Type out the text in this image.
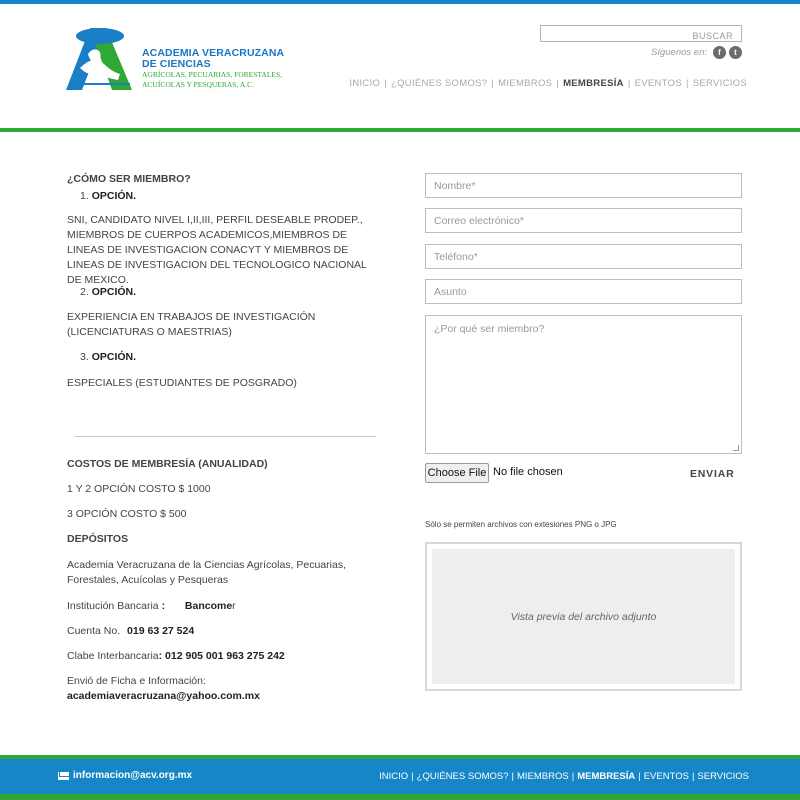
ACADEMIA VERACRUZANA
DE CIENCIAS
AGRÍCOLAS, PECUARIAS, FORESTALES,
ACUÍCOLAS Y PESQUERAS, A.C.
BUSCAR
Síguenos en:	f	t
INICIO | ¿QUIÉNES SOMOS? | MIEMBROS | MEMBRESÍA | EVENTOS | SERVICIOS
¿CÓMO SER MIEMBRO?
1. OPCIÓN.
SNI, CANDIDATO NIVEL I,II,III, PERFIL DESEABLE PRODEP., MIEMBROS DE CUERPOS ACADEMICOS,MIEMBROS DE LINEAS DE INVESTIGACION CONACYT Y MIEMBROS DE LINEAS DE INVESTIGACION DEL TECNOLOGICO NACIONAL DE MEXICO.
2. OPCIÓN.
EXPERIENCIA EN TRABAJOS DE INVESTIGACIÓN (LICENCIATURAS O MAESTRIAS)
3. OPCIÓN.
ESPECIALES (ESTUDIANTES DE POSGRADO)
COSTOS DE MEMBRESÍA (ANUALIDAD)
1 Y 2 OPCIÓN COSTO $ 1000
3 OPCIÓN COSTO $ 500
DEPÓSITOS
Academia Veracruzana de la Ciencias Agrícolas, Pecuarias,
Forestales, Acuícolas y Pesqueras
Institución Bancaria : Bancomer
Cuenta No. 019 63 27 524
Clabe Interbancaria: 012 905 001 963 275 242
Envió de Ficha e Información:
academiaveracruzana@yahoo.com.mx
Nombre*
Correo electrónico*
Teléfono*
Asunto
¿Por qué ser miembro?
Choose File No file chosen	ENVIAR
Sólo se permiten archivos con extesiones PNG o JPG
Vista previa del archivo adjunto
informacion@acv.org.mx	INICIO | ¿QUIÉNES SOMOS? | MIEMBROS | MEMBRESÍA | EVENTOS | SERVICIOS
